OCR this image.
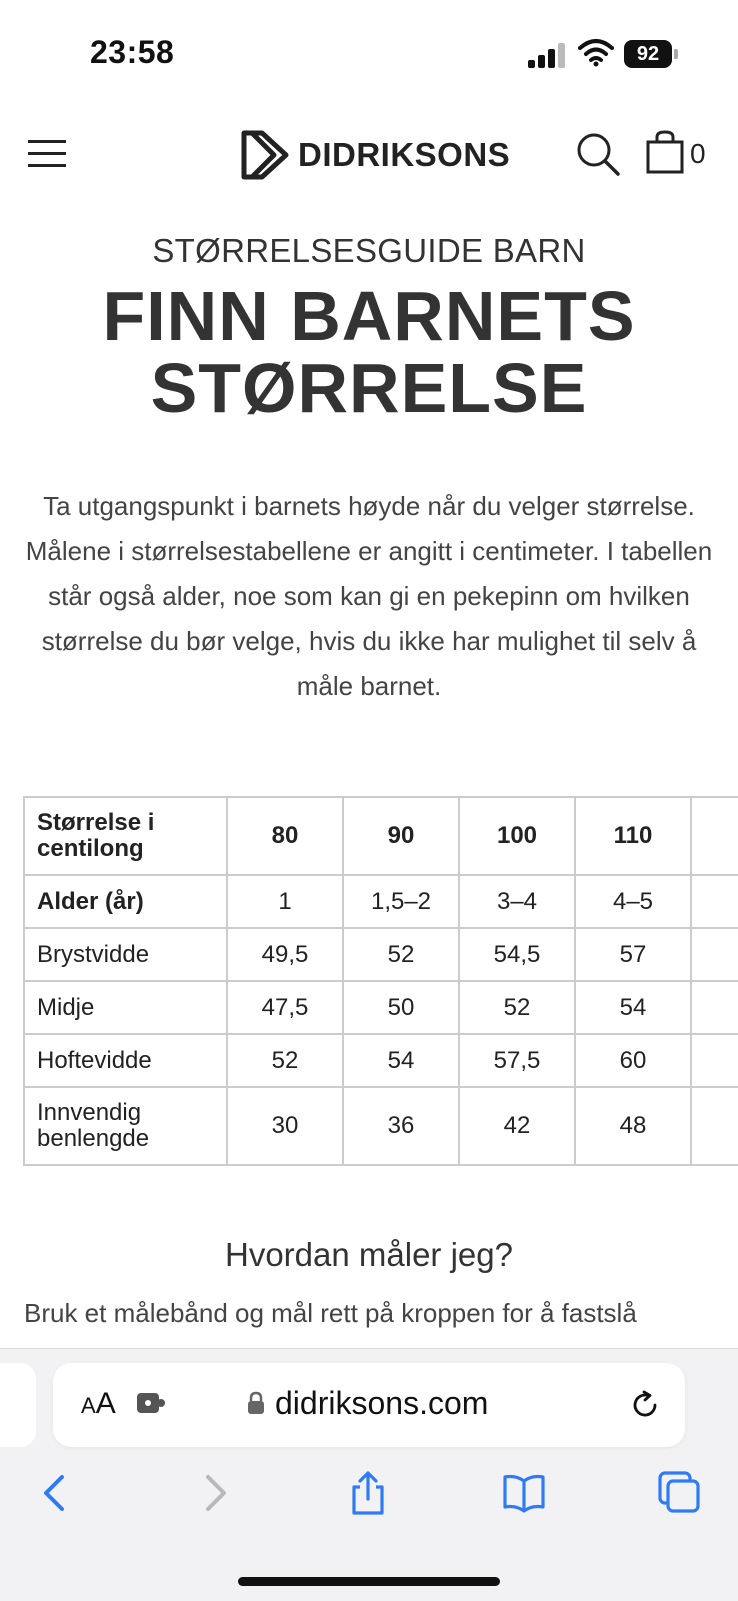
23:58	92
DIDRIKSONS	0
STØRRELSESGUIDE BARN
FINN BARNETS
STØRRELSE
Ta utgangspunkt i barnets høyde når du velger størrelse. Målene i størrelsestabellene er angitt i centimeter. I tabellen står også alder, noe som kan gi en pekepinn om hvilken størrelse du bør velge, hvis du ikke har mulighet til selv å måle barnet.
Størrelse i centilong	80	90	100	110	
Alder (år)	1	1,5–2	3–4	4–5	
Brystvidde	49,5	52	54,5	57	
Midje	47,5	50	52	54	
Hoftevidde	52	54	57,5	60	
Innvendig benlengde	30	36	42	48	
Hvordan måler jeg?
Bruk et målebånd og mål rett på kroppen for å fastslå
AA	didriksons.com
